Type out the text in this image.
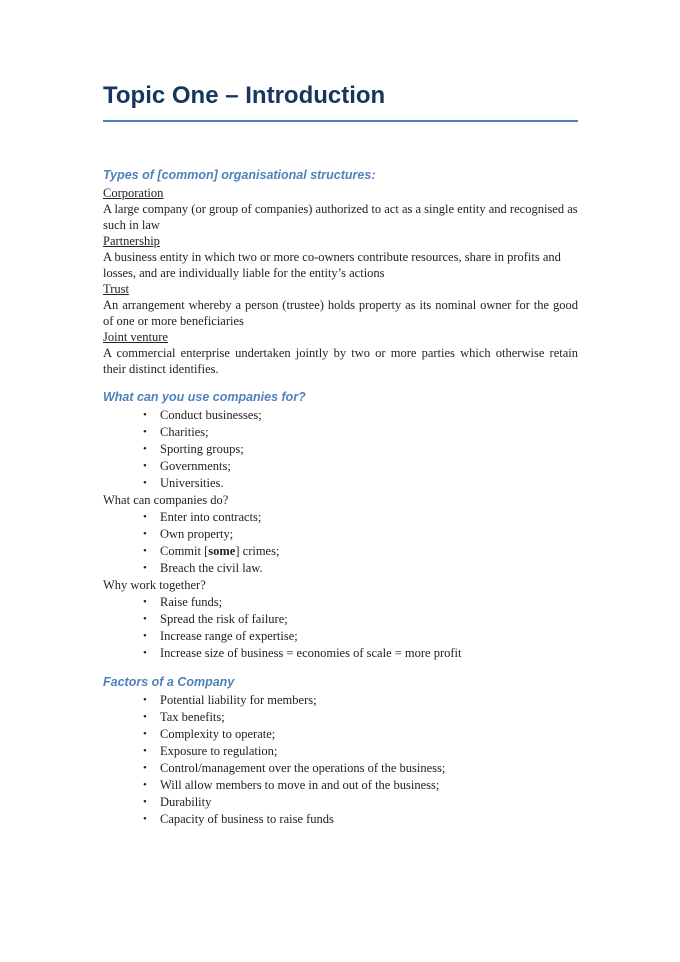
Topic One – Introduction
Types of [common] organisational structures:
Corporation
A large company (or group of companies) authorized to act as a single entity and recognised as such in law
Partnership
A business entity in which two or more co-owners contribute resources, share in profits and losses, and are individually liable for the entity’s actions
Trust
An arrangement whereby a person (trustee) holds property as its nominal owner for the good of one or more beneficiaries
Joint venture
A commercial enterprise undertaken jointly by two or more parties which otherwise retain their distinct identifies.
What can you use companies for?
• Conduct businesses;
• Charities;
• Sporting groups;
• Governments;
• Universities.
What can companies do?
• Enter into contracts;
• Own property;
• Commit [some] crimes;
• Breach the civil law.
Why work together?
• Raise funds;
• Spread the risk of failure;
• Increase range of expertise;
• Increase size of business = economies of scale = more profit
Factors of a Company
• Potential liability for members;
• Tax benefits;
• Complexity to operate;
• Exposure to regulation;
• Control/management over the operations of the business;
• Will allow members to move in and out of the business;
• Durability
• Capacity of business to raise funds
